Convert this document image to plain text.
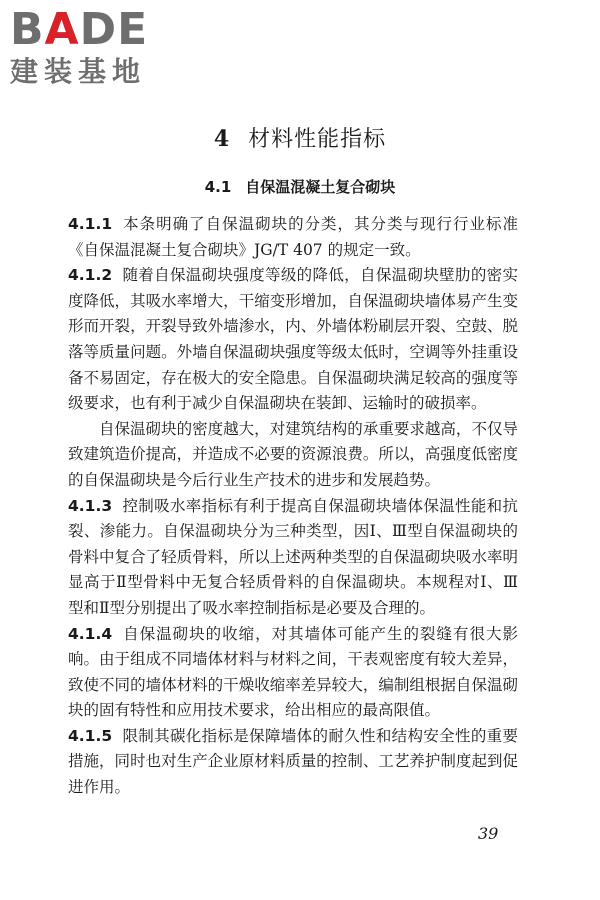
BADE
建装基地
4 材料性能指标
4.1 自保温混凝土复合砌块

4.1.1 本条明确了自保温砌块的分类，其分类与现行行业标准《自保温混凝土复合砌块》JG/T 407 的规定一致。

4.1.2 随着自保温砌块强度等级的降低，自保温砌块壁肋的密实度降低，其吸水率增大，干缩变形增加，自保温砌块墙体易产生变形而开裂，开裂导致外墙渗水，内、外墙体粉刷层开裂、空鼓、脱落等质量问题。外墙自保温砌块强度等级太低时，空调等外挂重设备不易固定，存在极大的安全隐患。自保温砌块满足较高的强度等级要求，也有利于减少自保温砌块在装卸、运输时的破损率。

自保温砌块的密度越大，对建筑结构的承重要求越高，不仅导致建筑造价提高，并造成不必要的资源浪费。所以，高强度低密度的自保温砌块是今后行业生产技术的进步和发展趋势。

4.1.3 控制吸水率指标有利于提高自保温砌块墙体保温性能和抗裂、渗能力。自保温砌块分为三种类型，因Ⅰ、Ⅲ型自保温砌块的骨料中复合了轻质骨料，所以上述两种类型的自保温砌块吸水率明显高于Ⅱ型骨料中无复合轻质骨料的自保温砌块。本规程对Ⅰ、Ⅲ型和Ⅱ型分别提出了吸水率控制指标是必要及合理的。

4.1.4 自保温砌块的收缩，对其墙体可能产生的裂缝有很大影响。由于组成不同墙体材料与材料之间，干表观密度有较大差异，致使不同的墙体材料的干燥收缩率差异较大，编制组根据自保温砌块的固有特性和应用技术要求，给出相应的最高限值。

4.1.5 限制其碳化指标是保障墙体的耐久性和结构安全性的重要措施，同时也对生产企业原材料质量的控制、工艺养护制度起到促进作用。

39
